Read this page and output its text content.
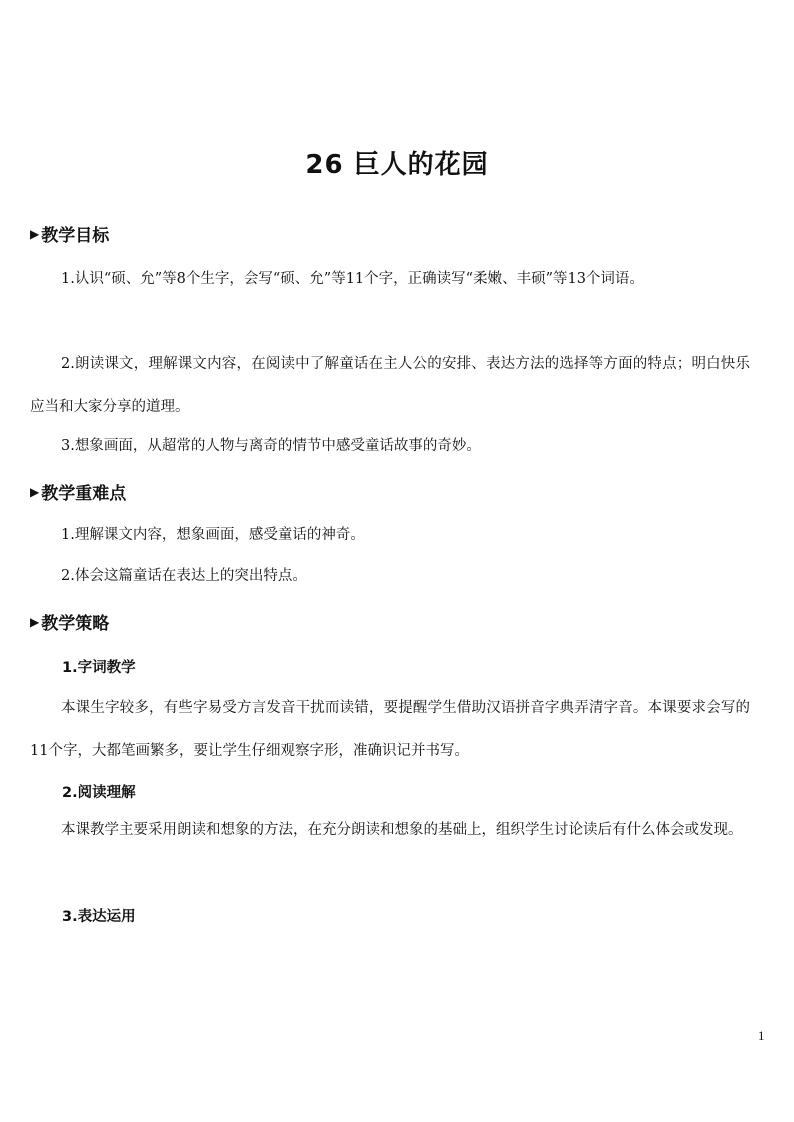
26 巨人的花园
▶ 教学目标
1.认识“硕、允”等8个生字，会写“硕、允”等11个字，正确读写“柔嫩、丰硕”等13个词语。
2.朗读课文，理解课文内容，在阅读中了解童话在主人公的安排、表达方法的选择等方面的特点；明白快乐应当和大家分享的道理。
3.想象画面，从超常的人物与离奇的情节中感受童话故事的奇妙。
▶ 教学重难点
1.理解课文内容，想象画面，感受童话的神奇。
2.体会这篇童话在表达上的突出特点。
▶ 教学策略
1.字词教学
本课生字较多，有些字易受方言发音干扰而读错，要提醒学生借助汉语拼音字典弄清字音。本课要求会写的11个字，大都笔画繁多，要让学生仔细观察字形，准确识记并书写。
2.阅读理解
本课教学主要采用朗读和想象的方法，在充分朗读和想象的基础上，组织学生讨论读后有什么体会或发现。
3.表达运用
1
